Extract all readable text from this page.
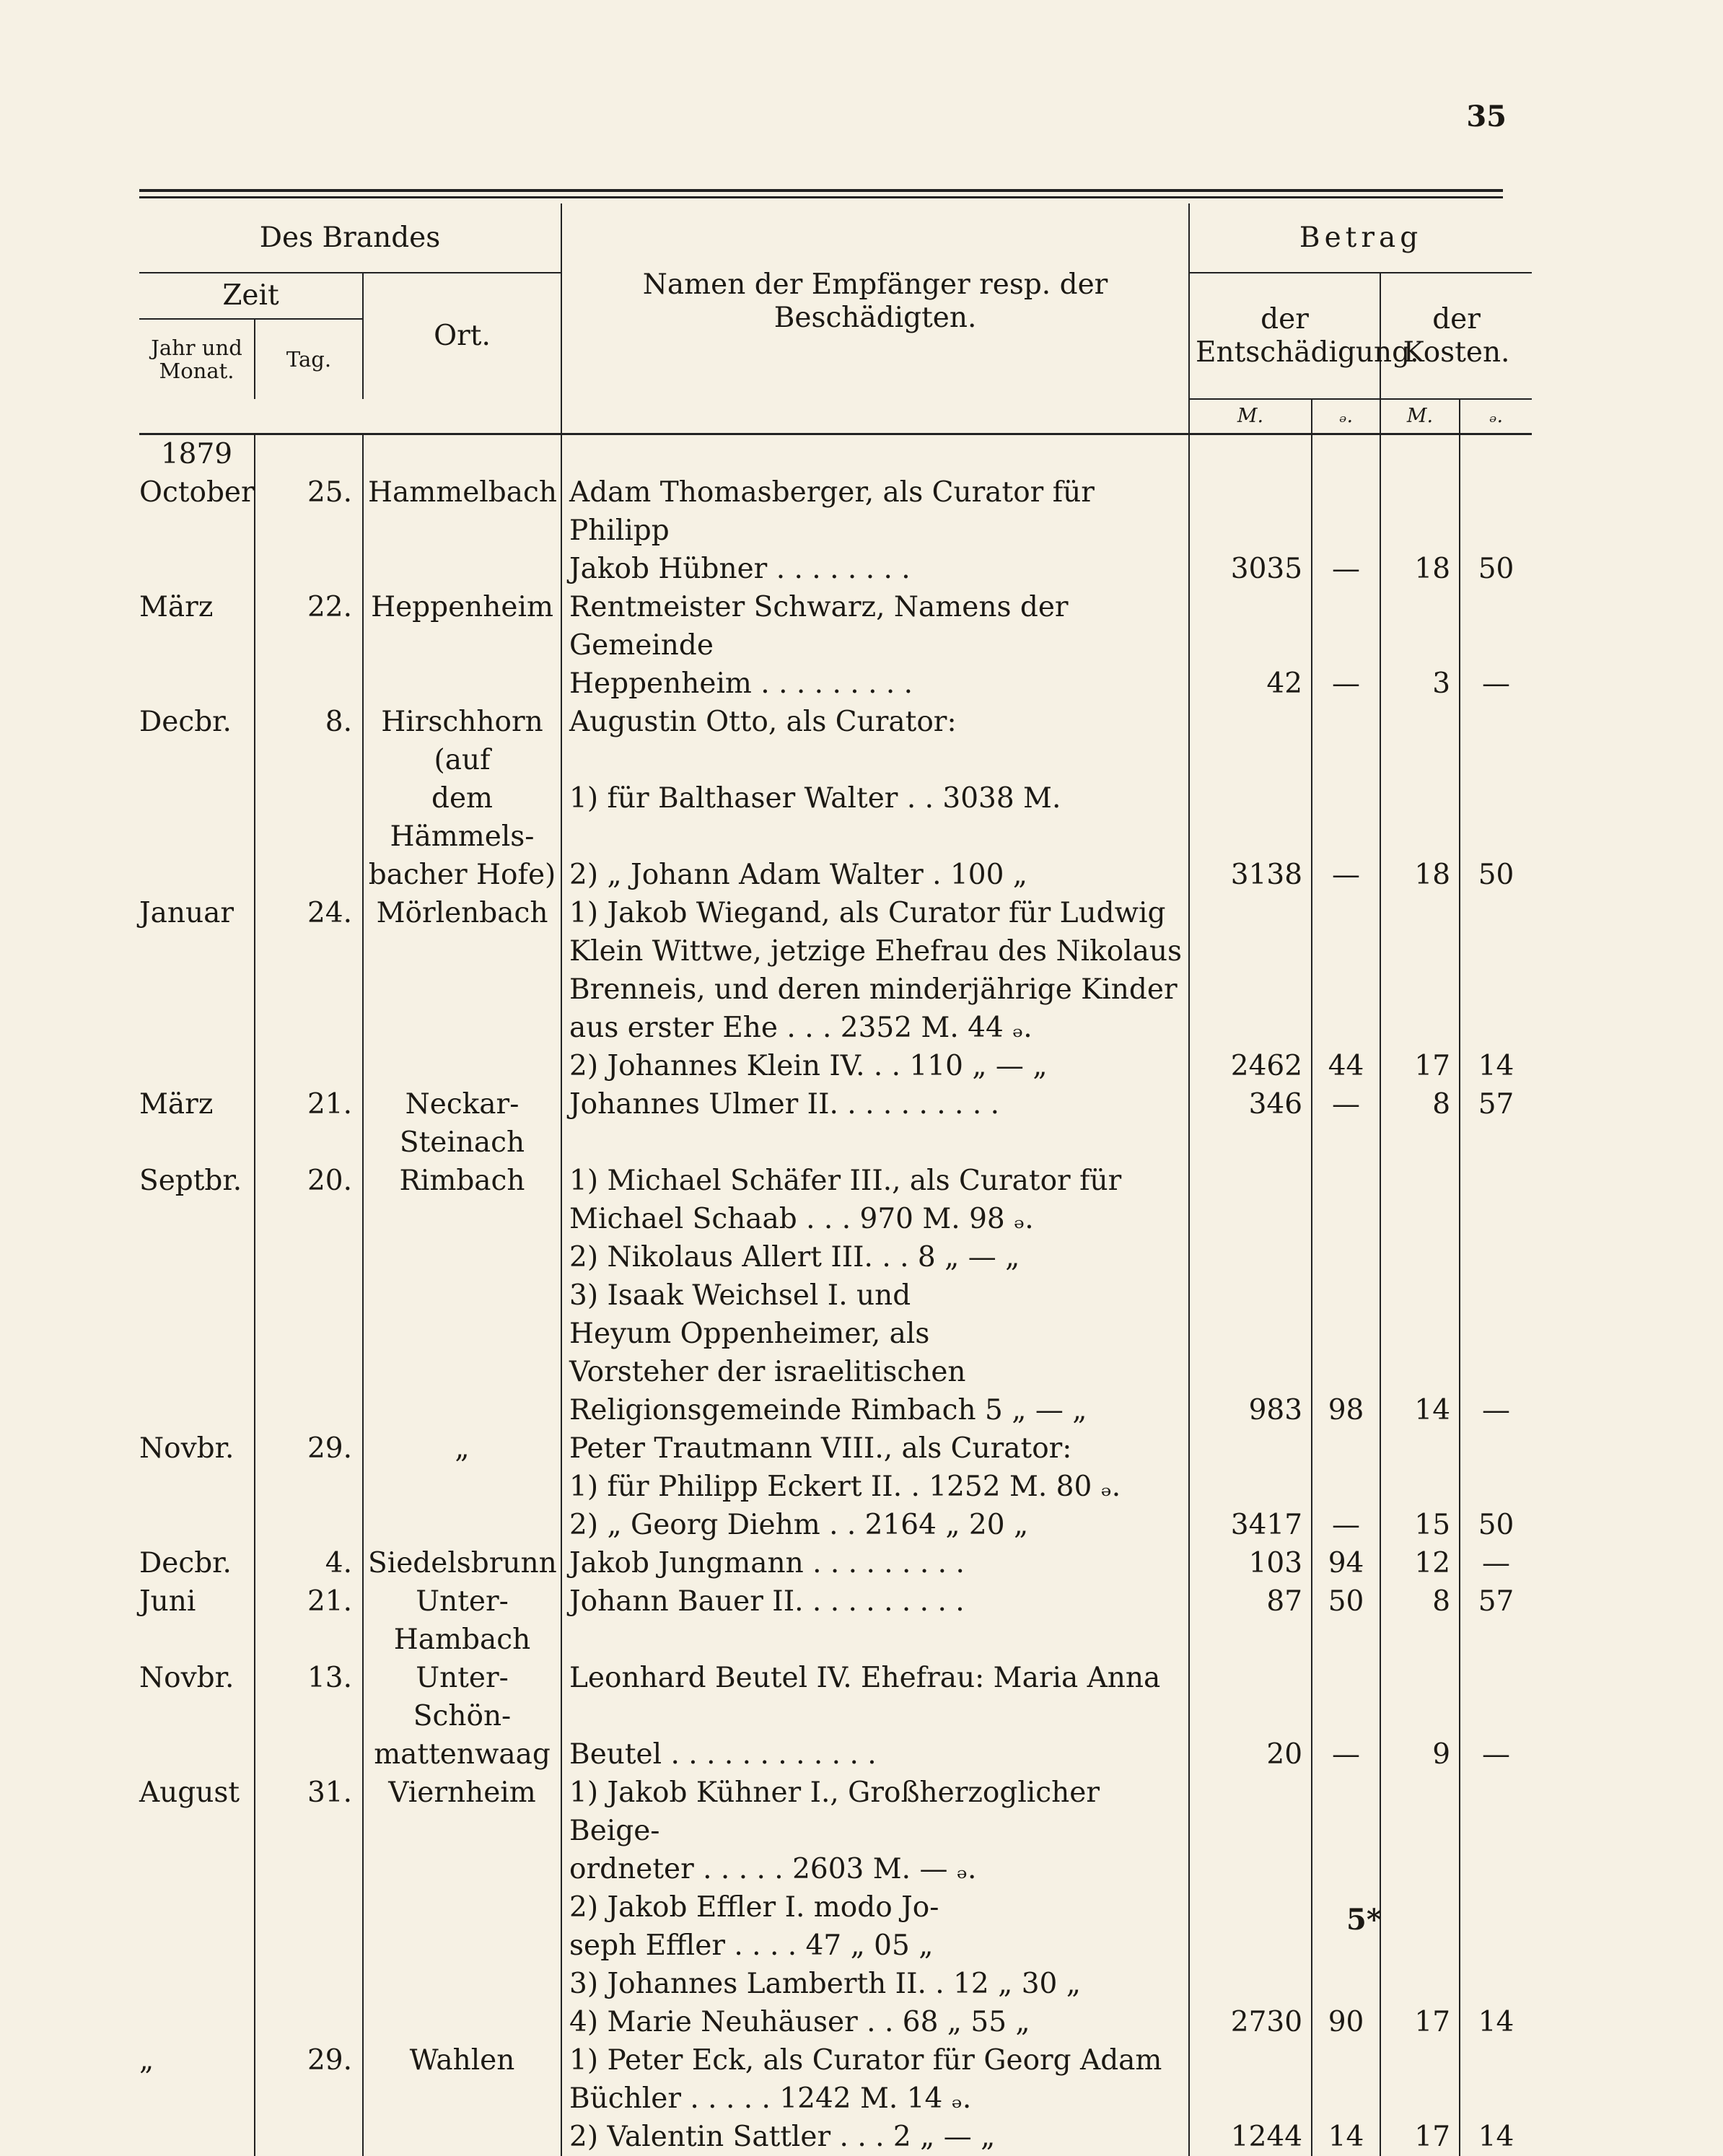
35
Des Brandes			Namen der Empfänger resp. der Beschädigten.	Betrag			
Zeit		Ort.		der Entschädigung.		der Kosten.	
Jahr und Monat.	Tag.						
				M.	ₔ.	M.	ₔ.
1879							
October	25.	Hammelbach	Adam Thomasberger, als Curator für Philipp				
			Jakob Hübner . . . . . . . .	3035	—	18	50
März	22.	Heppenheim	Rentmeister Schwarz, Namens der Gemeinde				
			Heppenheim . . . . . . . . .	42	—	3	—
Decbr.	8.	Hirschhorn (auf	Augustin Otto, als Curator:				
		dem Hämmels-	1) für Balthaser Walter . . 3038 M.				
		bacher Hofe)	2) „ Johann Adam Walter . 100 „	3138	—	18	50
Januar	24.	Mörlenbach	1) Jakob Wiegand, als Curator für Ludwig				
			Klein Wittwe, jetzige Ehefrau des Nikolaus				
			Brenneis, und deren minderjährige Kinder				
			aus erster Ehe . . . 2352 M. 44 ₔ.				
			2) Johannes Klein IV. . . 110 „ — „	2462	44	17	14
März	21.	Neckar-Steinach	Johannes Ulmer II. . . . . . . . . .	346	—	8	57
Septbr.	20.	Rimbach	1) Michael Schäfer III., als Curator für				
			Michael Schaab . . . 970 M. 98 ₔ.				
			2) Nikolaus Allert III. . . 8 „ — „				
			3) Isaak Weichsel I. und				
			Heyum Oppenheimer, als				
			Vorsteher der israelitischen				
			Religionsgemeinde Rimbach 5 „ — „	983	98	14	—
Novbr.	29.	„	Peter Trautmann VIII., als Curator:				
			1) für Philipp Eckert II. . 1252 M. 80 ₔ.				
			2) „ Georg Diehm . . 2164 „ 20 „	3417	—	15	50
Decbr.	4.	Siedelsbrunn	Jakob Jungmann . . . . . . . . .	103	94	12	—
Juni	21.	Unter-Hambach	Johann Bauer II. . . . . . . . . .	87	50	8	57
Novbr.	13.	Unter-Schön-	Leonhard Beutel IV. Ehefrau: Maria Anna				
		mattenwaag	Beutel . . . . . . . . . . . .	20	—	9	—
August	31.	Viernheim	1) Jakob Kühner I., Großherzoglicher Beige-				
			ordneter . . . . . 2603 M. — ₔ.				
			2) Jakob Effler I. modo Jo-				
			seph Effler . . . . 47 „ 05 „				
			3) Johannes Lamberth II. . 12 „ 30 „				
			4) Marie Neuhäuser . . 68 „ 55 „	2730	90	17	14
„	29.	Wahlen	1) Peter Eck, als Curator für Georg Adam				
			Büchler . . . . . 1242 M. 14 ₔ.				
			2) Valentin Sattler . . . 2 „ — „	1244	14	17	14
5*
